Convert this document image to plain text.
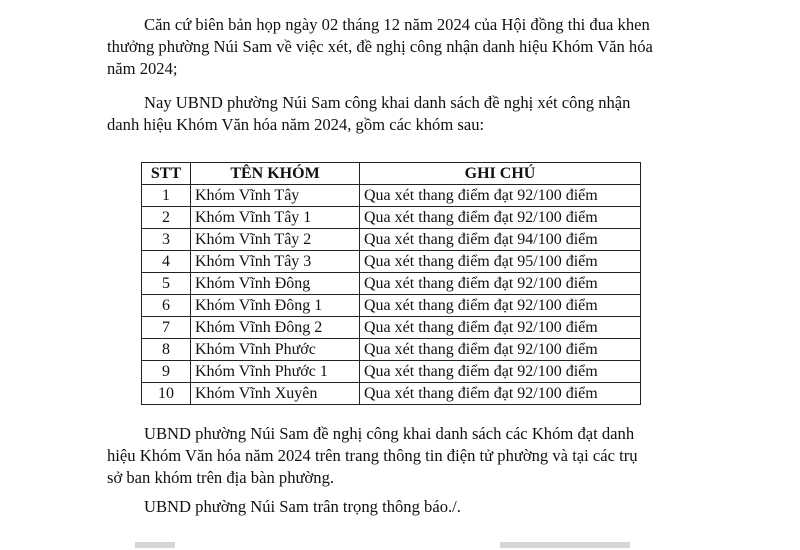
Căn cứ biên bản họp ngày 02 tháng 12 năm 2024 của Hội đồng thi đua khen
thưởng phường Núi Sam về việc xét, đề nghị công nhận danh hiệu Khóm Văn hóa
năm 2024;

Nay UBND phường Núi Sam công khai danh sách đề nghị xét công nhận
danh hiệu Khóm Văn hóa năm 2024, gồm các khóm sau:

STT	TÊN KHÓM	GHI CHÚ
1	Khóm Vĩnh Tây	Qua xét thang điểm đạt 92/100 điểm
2	Khóm Vĩnh Tây 1	Qua xét thang điểm đạt 92/100 điểm
3	Khóm Vĩnh Tây 2	Qua xét thang điểm đạt 94/100 điểm
4	Khóm Vĩnh Tây 3	Qua xét thang điểm đạt 95/100 điểm
5	Khóm Vĩnh Đông	Qua xét thang điểm đạt 92/100 điểm
6	Khóm Vĩnh Đông 1	Qua xét thang điểm đạt 92/100 điểm
7	Khóm Vĩnh Đông 2	Qua xét thang điểm đạt 92/100 điểm
8	Khóm Vĩnh Phước	Qua xét thang điểm đạt 92/100 điểm
9	Khóm Vĩnh Phước 1	Qua xét thang điểm đạt 92/100 điểm
10	Khóm Vĩnh Xuyên	Qua xét thang điểm đạt 92/100 điểm

UBND phường Núi Sam đề nghị công khai danh sách các Khóm đạt danh
hiệu Khóm Văn hóa năm 2024 trên trang thông tin điện tử phường và tại các trụ
sở ban khóm trên địa bàn phường.

UBND phường Núi Sam trân trọng thông báo./.
